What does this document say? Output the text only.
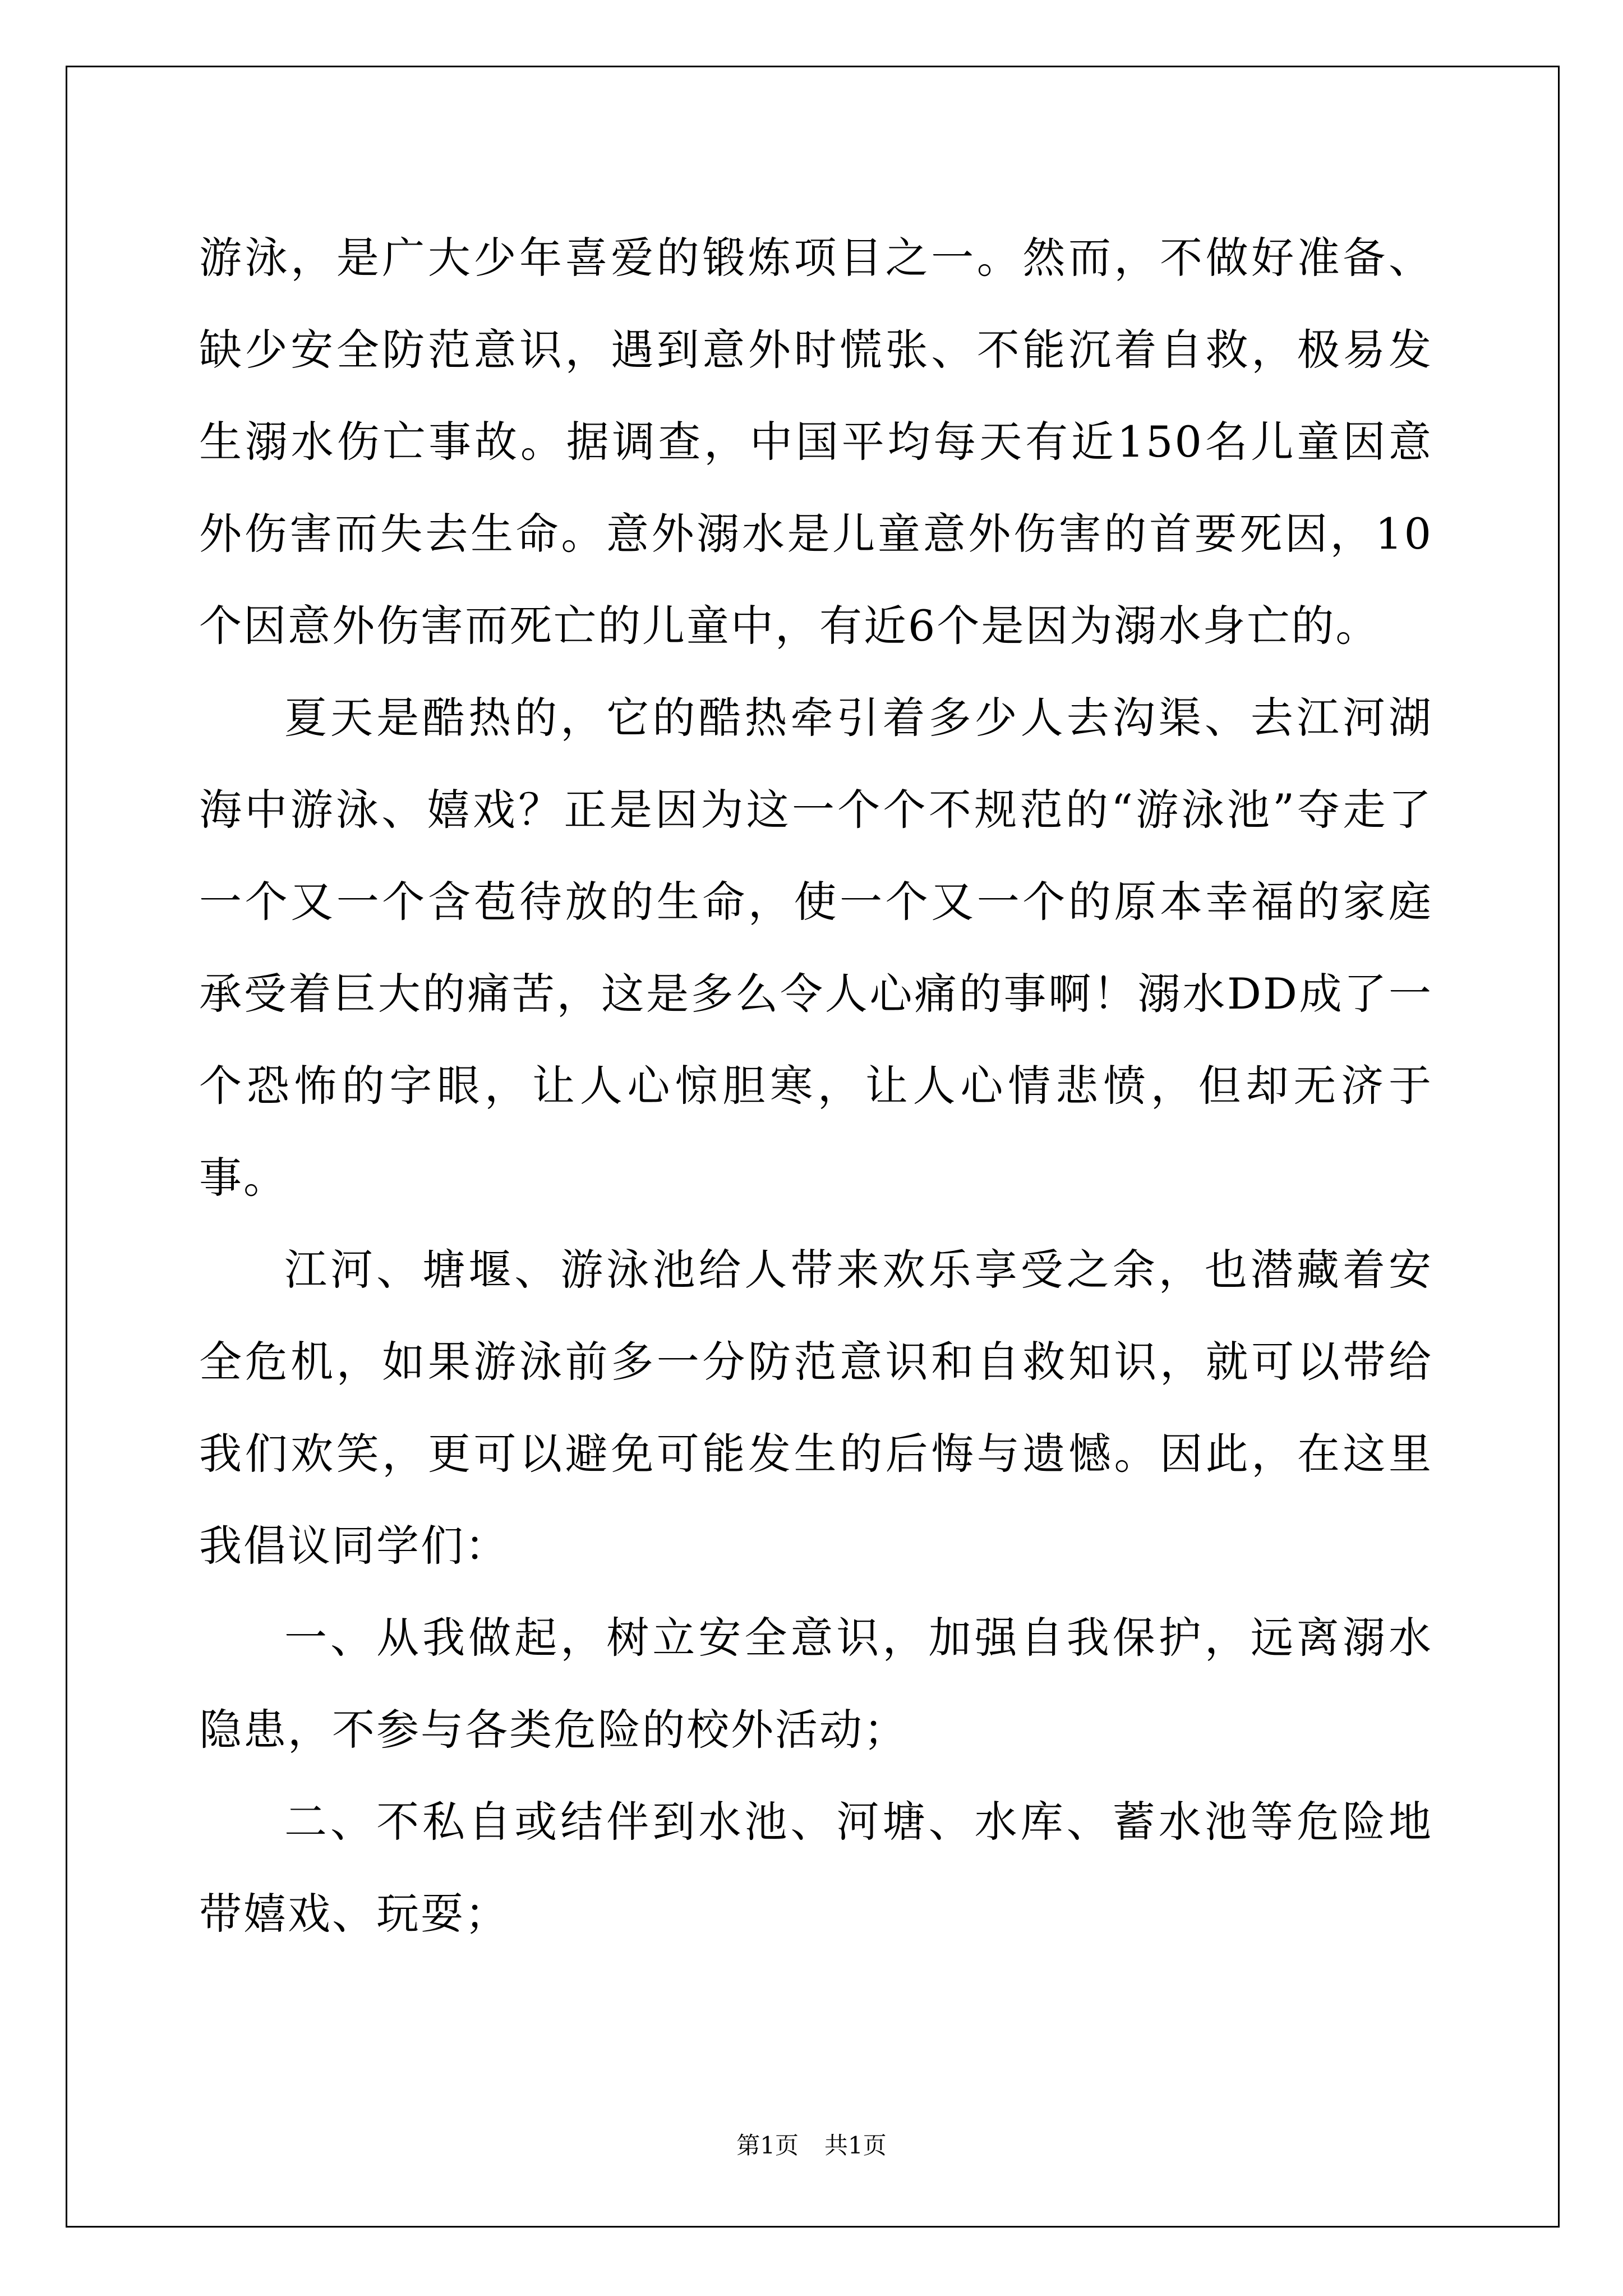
游泳，是广大少年喜爱的锻炼项目之一。然而，不做好准备、缺少安全防范意识，遇到意外时慌张、不能沉着自救，极易发生溺水伤亡事故。据调查，中国平均每天有近150名儿童因意外伤害而失去生命。意外溺水是儿童意外伤害的首要死因，10个因意外伤害而死亡的儿童中，有近6个是因为溺水身亡的。

夏天是酷热的，它的酷热牵引着多少人去沟渠、去江河湖海中游泳、嬉戏？正是因为这一个个不规范的“游泳池”夺走了一个又一个含苞待放的生命，使一个又一个的原本幸福的家庭承受着巨大的痛苦，这是多么令人心痛的事啊！溺水DD成了一个恐怖的字眼，让人心惊胆寒，让人心情悲愤，但却无济于事。

江河、塘堰、游泳池给人带来欢乐享受之余，也潜藏着安全危机，如果游泳前多一分防范意识和自救知识，就可以带给我们欢笑，更可以避免可能发生的后悔与遗憾。因此，在这里我倡议同学们：

一、从我做起，树立安全意识，加强自我保护，远离溺水隐患，不参与各类危险的校外活动；

二、不私自或结伴到水池、河塘、水库、蓄水池等危险地带嬉戏、玩耍；

第1页 共1页
